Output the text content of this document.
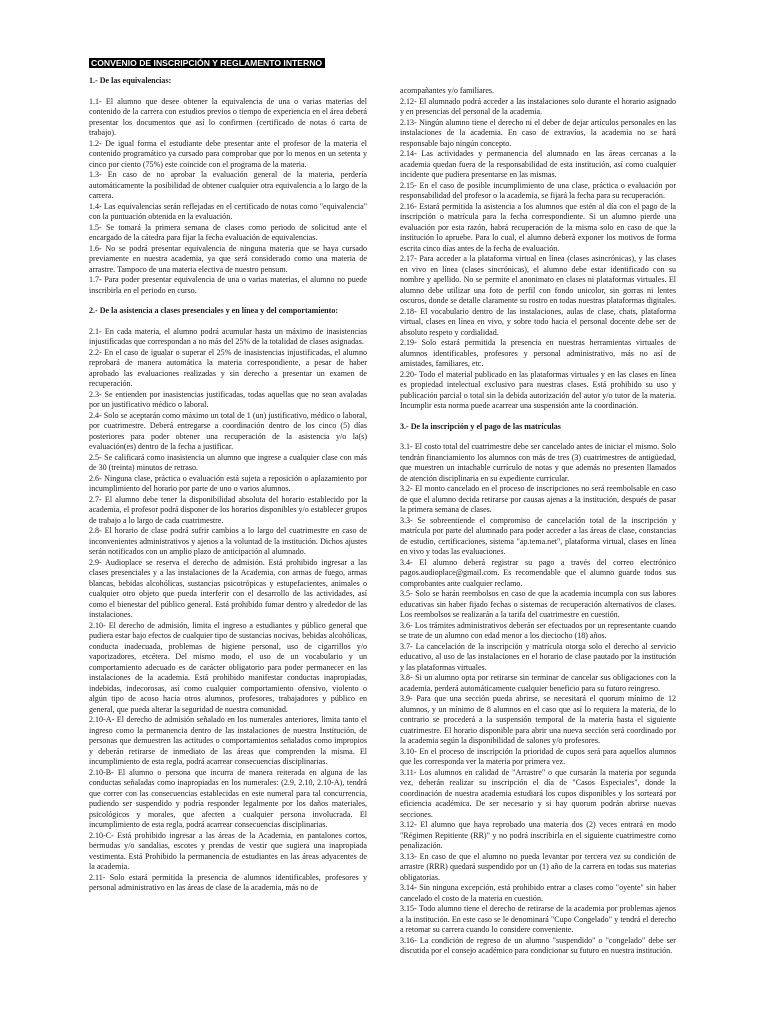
CONVENIO DE INSCRIPCIÓN Y REGLAMENTO INTERNO
1.- De las equivalencias:
1.1- El alumno que desee obtener la equivalencia de una o varias materias del contenido de la carrera con estudios previos o tiempo de experiencia en el área deberá presentar los documentos que así lo confirmen (certificado de notas ó carta de trabajo).
1.2- De igual forma el estudiante debe presentar ante el profesor de la materia el contenido programático ya cursado para comprobar que por lo menos en un setenta y cinco por ciento (75%) este coincide con el programa de la materia.
1.3- En caso de no aprobar la evaluación general de la materia, perdería automáticamente la posibilidad de obtener cualquier otra equivalencia a lo largo de la carrera.
1.4- Las equivalencias serán reflejadas en el certificado de notas como "equivalencia" con la puntuación obtenida en la evaluación.
1.5- Se tomará la primera semana de clases como periodo de solicitud ante el encargado de la cátedra para fijar la fecha evaluación de equivalencias.
1.6- No se podrá presentar equivalencia de ninguna materia que se haya cursado previamente en nuestra academia, ya que será considerado como una materia de arrastre. Tampoco de una materia electiva de nuestro pensum.
1.7- Para poder presentar equivalencia de una o varias materias, el alumno no puede inscribirla en el periodo en curso.
2.- De la asistencia a clases presenciales y en línea y del comportamiento:
2.1- En cada materia, el alumno podrá acumular hasta un máximo de inasistencias injustificadas que correspondan a no más del 25% de la totalidad de clases asignadas.
2.2- En el caso de igualar o superar el 25% de inasistencias injustificadas, el alumno reprobará de manera automática la materia correspondiente, a pesar de haber aprobado las evaluaciones realizadas y sin derecho a presentar un examen de recuperación.
2.3- Se entienden por inasistencias justificadas, todas aquellas que no sean avaladas por un justificativo médico o laboral.
2.4- Solo se aceptarán como máximo un total de 1 (un) justificativo, médico o laboral, por cuatrimestre. Deberá entregarse a coordinación dentro de los cinco (5) días posteriores para poder obtener una recuperación de la asistencia y/o la(s) evaluación(es) dentro de la fecha a justificar.
2.5- Se calificará como inasistencia un alumno que ingrese a cualquier clase con más de 30 (treinta) minutos de retraso.
2.6- Ninguna clase, práctica o evaluación está sujeta a reposición o aplazamiento por incumplimiento del horario por parte de uno o varios alumnos.
2.7- El alumno debe tener la disponibilidad absoluta del horario establecido por la academia, el profesor podrá disponer de los horarios disponibles y/o establecer grupos de trabajo a lo largo de cada cuatrimestre.
2.8- El horario de clase podrá sufrir cambios a lo largo del cuatrimestre en caso de inconvenientes administrativos y ajenos a la voluntad de la institución. Dichos ajustes serán notificados con un amplio plazo de anticipación al alumnado.
2.9- Audioplace se reserva el derecho de admisión. Está prohibido ingresar a las clases presenciales y a las instalaciones de la Academia, con armas de fuego, armas blancas, bebidas alcohólicas, sustancias psicotrópicas y estupefacientes, animales o cualquier otro objeto que pueda interferir con el desarrollo de las actividades, así como el bienestar del público general. Está prohibido fumar dentro y alrededor de las instalaciones.
2.10- El derecho de admisión, limita el ingreso a estudiantes y público general que pudiera estar bajo efectos de cualquier tipo de sustancias nocivas, bebidas alcohólicas, conducta inadecuada, problemas de higiene personal, uso de cigarrillos y/o vaporizadores, etcétera. Del mismo modo, el uso de un vocabulario y un comportamiento adecuado es de carácter obligatorio para poder permanecer en las instalaciones de la academia. Está prohibido manifestar conductas inapropiadas, indebidas, indecorosas, así como cualquier comportamiento ofensivo, violento o algún tipo de acoso hacia otros alumnos, profesores, trabajadores y público en general, que pueda alterar la seguridad de nuestra comunidad.
2.10-A- El derecho de admisión señalado en los numerales anteriores, limita tanto el ingreso como la permanencia dentro de las instalaciones de nuestra Institución, de personas que demuestren las actitudes o comportamientos señalados como impropios y deberán retirarse de inmediato de las áreas que comprenden la misma. El incumplimiento de esta regla, podrá acarrear consecuencias disciplinarias.
2.10-B- El alumno o persona que incurra de manera reiterada en alguna de las conductas señaladas como inapropiadas en los numerales: (2.9, 2.10, 2.10-A), tendrá que correr con las consecuencias establecidas en este numeral para tal concurrencia, pudiendo ser suspendido y podría responder legalmente por los daños materiales, psicológicos y morales, que afecten a cualquier persona involucrada. El incumplimiento de esta regla, podrá acarrear consecuencias disciplinarias.
2.10-C- Está prohibido ingresar a las áreas de la Academia, en pantalones cortos, bermudas y/o sandalias, escotes y prendas de vestir que sugiera una inapropiada vestimenta. Está Prohibido la permanencia de estudiantes en las áreas adyacentes de la academia.
2.11- Solo estará permitida la presencia de alumnos identificables, profesores y personal administrativo en las áreas de clase de la academia, más no de
acompañantes y/o familiares.
2.12- El alumnado podrá acceder a las instalaciones solo durante el horario asignado y en presencias del personal de la academia.
2.13- Ningún alumno tiene el derecho ni el deber de dejar artículos personales en las instalaciones de la academia. En caso de extravíos, la academia no se hará responsable bajo ningún concepto.
2.14- Las actividades y permanencia del alumnado en las áreas cercanas a la academia quedan fuera de la responsabilidad de esta institución, así como cualquier incidente que pudiera presentarse en las mismas.
2.15- En el caso de posible incumplimiento de una clase, práctica o evaluación por responsabilidad del profesor o la academia, se fijará la fecha para su recuperación.
2.16- Estará permitida la asistencia a los alumnos que estén al día con el pago de la inscripción o matrícula para la fecha correspondiente. Si un alumno pierde una evaluación por esta razón, habrá recuperación de la misma solo en caso de que la institución lo apruebe. Para lo cual, el alumno deberá exponer los motivos de forma escrita cinco días antes de la fecha de evaluación.
2.17- Para acceder a la plataforma virtual en línea (clases asincrónicas), y las clases en vivo en línea (clases sincrónicas), el alumno debe estar identificado con su nombre y apellido. No se permite el anonimato en clases ni plataformas virtuales. El alumno debe utilizar una foto de perfil con fondo unicolor, sin gorras ni lentes oscuros, donde se detalle claramente su rostro en todas nuestras plataformas digitales.
2.18- El vocabulario dentro de las instalaciones, aulas de clase, chats, plataforma virtual, clases en línea en vivo, y sobre todo hacia el personal docente debe ser de absoluto respeto y cordialidad.
2.19- Solo estará permitida la presencia en nuestras herramientas virtuales de alumnos identificables, profesores y personal administrativo, más no así de amistades, familiares, etc.
2.20- Todo el material publicado en las plataformas virtuales y en las clases en línea es propiedad intelectual exclusivo para nuestras clases. Está prohibido su uso y publicación parcial o total sin la debida autorización del autor y/o tutor de la materia. Incumplir esta norma puede acarrear una suspensión ante la coordinación.
3.- De la inscripción y el pago de las matrículas
3.1- El costo total del cuatrimestre debe ser cancelado antes de iniciar el mismo. Solo tendrán financiamiento los alumnos con más de tres (3) cuatrimestres de antigüedad, que muestren un intachable currículo de notas y que además no presenten llamados de atención disciplinaria en su expediente curricular.
3.2- El monto cancelado en el proceso de inscripciones no será reembolsable en caso de que el alumno decida retirarse por causas ajenas a la institución, después de pasar la primera semana de clases.
3.3- Se sobreentiende el compromiso de cancelación total de la inscripción y matrícula por parte del alumnado para poder acceder a las áreas de clase, constancias de estudio, certificaciones, sistema "ap.tema.net", plataforma virtual, clases en línea en vivo y todas las evaluaciones.
3.4- El alumno deberá registrar su pago a través del correo electrónico pagos.audioplace@gmail.com. Es recomendable que el alumno guarde todos sus comprobantes ante cualquier reclamo.
3.5- Solo se harán reembolsos en caso de que la academia incumpla con sus labores educativas sin haber fijado fechas o sistemas de recuperación alternativos de clases. Los reembolsos se realizarán a la tarifa del cuatrimestre en cuestión.
3.6- Los trámites administrativos deberán ser efectuados por un representante cuando se trate de un alumno con edad menor a los dieciocho (18) años.
3.7- La cancelación de la inscripción y matrícula otorga solo el derecho al servicio educativo, al uso de las instalaciones en el horario de clase pautado por la institución y las plataformas virtuales.
3.8- Si un alumno opta por retirarse sin terminar de cancelar sus obligaciones con la academia, perderá automáticamente cualquier beneficio para su futuro reingreso.
3.9- Para que una sección pueda abrirse, se necesitará el quorum mínimo de 12 alumnos, y un mínimo de 8 alumnos en el caso que así lo requiera la materia, de lo contrario se procederá a la suspensión temporal de la materia hasta el siguiente cuatrimestre. El horario disponible para abrir una nueva sección será coordinado por la academia según la disponibilidad de salones y/o profesores.
3.10- En el proceso de inscripción la prioridad de cupos será para aquellos alumnos que les corresponda ver la materia por primera vez.
3.11- Los alumnos en calidad de "Arrastre" o que cursarán la materia por segunda vez, deberán realizar su inscripción el día de "Casos Especiales", donde la coordinación de nuestra academia estudiará los cupos disponibles y los sorteará por eficiencia académica. De ser necesario y si hay quorum podrán abrirse nuevas secciones.
3.12- El alumno que haya reprobado una materia dos (2) veces entrará en modo "Régimen Repitiente (RR)" y no podrá inscribirla en el siguiente cuatrimestre como penalización.
3.13- En caso de que el alumno no pueda levantar por tercera vez su condición de arrastre (RRR) quedará suspendido por un (1) año de la carrera en todas sus materias obligatorias.
3.14- Sin ninguna excepción, está prohibido entrar a clases como "oyente" sin haber cancelado el costo de la materia en cuestión.
3.15- Todo alumno tiene el derecho de retirarse de la academia por problemas ajenos a la institución. En este caso se le denominará "Cupo Congelado" y tendrá el derecho a retomar su carrera cuando lo considere conveniente.
3.16- La condición de regreso de un alumno "suspendido" o "congelado" debe ser discutida por el consejo académico para condicionar su futuro en nuestra institución.
